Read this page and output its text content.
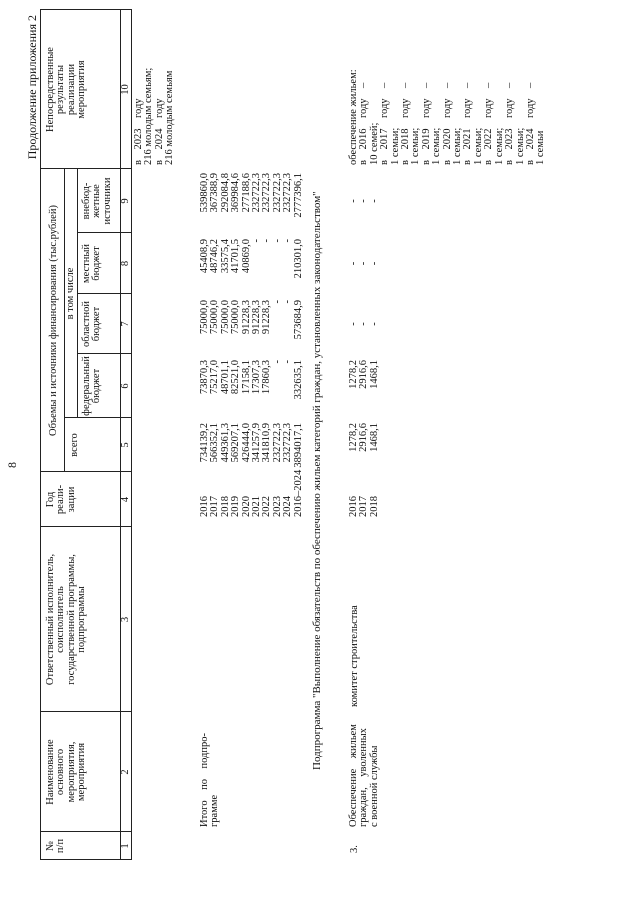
8
Продолжение приложения 2
№
п/п
Наименование
основного
мероприятия,
мероприятия
Ответственный исполнитель,
соисполнитель
государственной программы,
подпрограммы
Год
реали-
зации
Объемы и источники финансирования (тыс.рублей)
всего
в том числе
федеральный
бюджет
областной
бюджет
местный
бюджет
внебюд-
жетные
источники
Непосредственные
результаты
реализации
мероприятия
1
2
3
4
5
6
7
8
9
10
в    2023    году
216 молодым семьям;
в    2024    году
216 молодым семьям
Итого    по    подпро-
грамме
2016
2017
2018
2019
2020
2021
2022
2023
2024
2016–2024
734139,2
566352,1
449361,3
569207,1
426444,0
341257,9
341810,9
232722,3
232722,3
3894017,1
73870,3
75217,0
48701,1
82521,0
17158,1
17307,3
17860,3
-
-
332635,1
75000,0
75000,0
75000,0
75000,0
91228,3
91228,3
91228,3
-
-
573684,9
45408,9
48746,2
33575,4
41701,5
40869,0
-
-
-
-
210301,0
539860,0
367388,9
292084,8
369984,6
277188,6
232722,3
232722,3
232722,3
232722,3
2777396,1 Подпрограмма "Выполнение обязательств по обеспечению жильем категорий граждан, установленных законодательством"
3.
Обеспечение    жильем
граждан,    уволенных
с военной службы
комитет строительства
2016
2017
2018
1278,2
2916,6
1468,1
1278,2
2916,6
1468,1
-
-
-
-
-
-
-
-
-
обеспечение жильем:
в    2016    году    –
10 семей;
в    2017    году    –
1 семьи;
в    2018    году    –
1 семьи;
в    2019    году    –
1 семьи;
в    2020    году    –
1 семьи;
в    2021    году    –
1 семьи;
в    2022    году    –
1 семьи;
в    2023    году    –
1 семьи;
в    2024    году    –
1 семьи
